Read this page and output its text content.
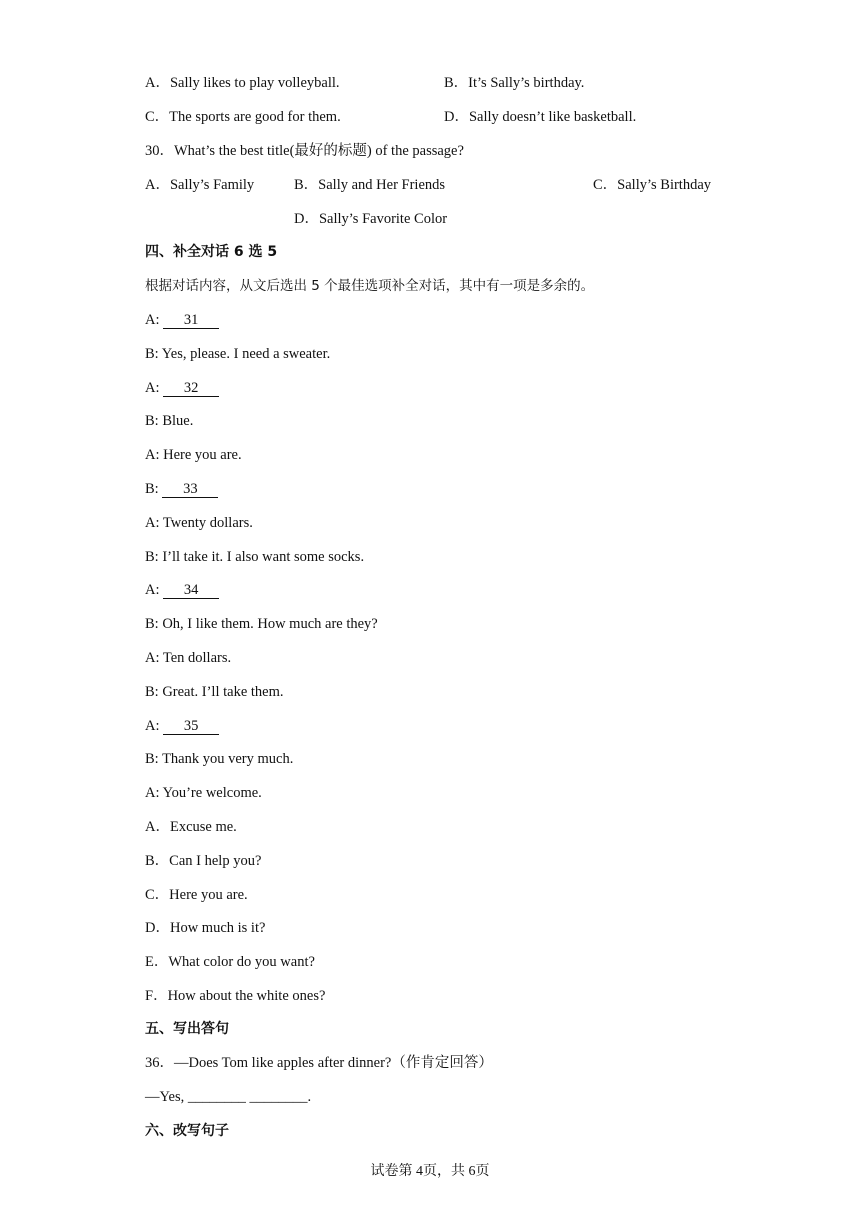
A．Sally likes to play volleyball.	B．It’s Sally’s birthday.
C．The sports are good for them.	D．Sally doesn’t like basketball.
30．What’s the best title(最好的标题) of the passage?
A．Sally’s Family	B．Sally and Her Friends	C．Sally’s Birthday
D．Sally’s Favorite Color
四、补全对话 6 选 5
根据对话内容，从文后选出 5 个最佳选项补全对话，其中有一项是多余的。
A: 31
B: Yes, please. I need a sweater.
A: 32
B: Blue.
A: Here you are.
B: 33
A: Twenty dollars.
B: I’ll take it. I also want some socks.
A: 34
B: Oh, I like them. How much are they?
A: Ten dollars.
B: Great. I’ll take them.
A: 35
B: Thank you very much.
A: You’re welcome.
A．Excuse me.
B．Can I help you?
C．Here you are.
D．How much is it?
E．What color do you want?
F．How about the white ones?
五、写出答句
36．—Does Tom like apples after dinner?（作肯定回答）
—Yes, ________ ________.
六、改写句子
试卷第 4页，共 6页
